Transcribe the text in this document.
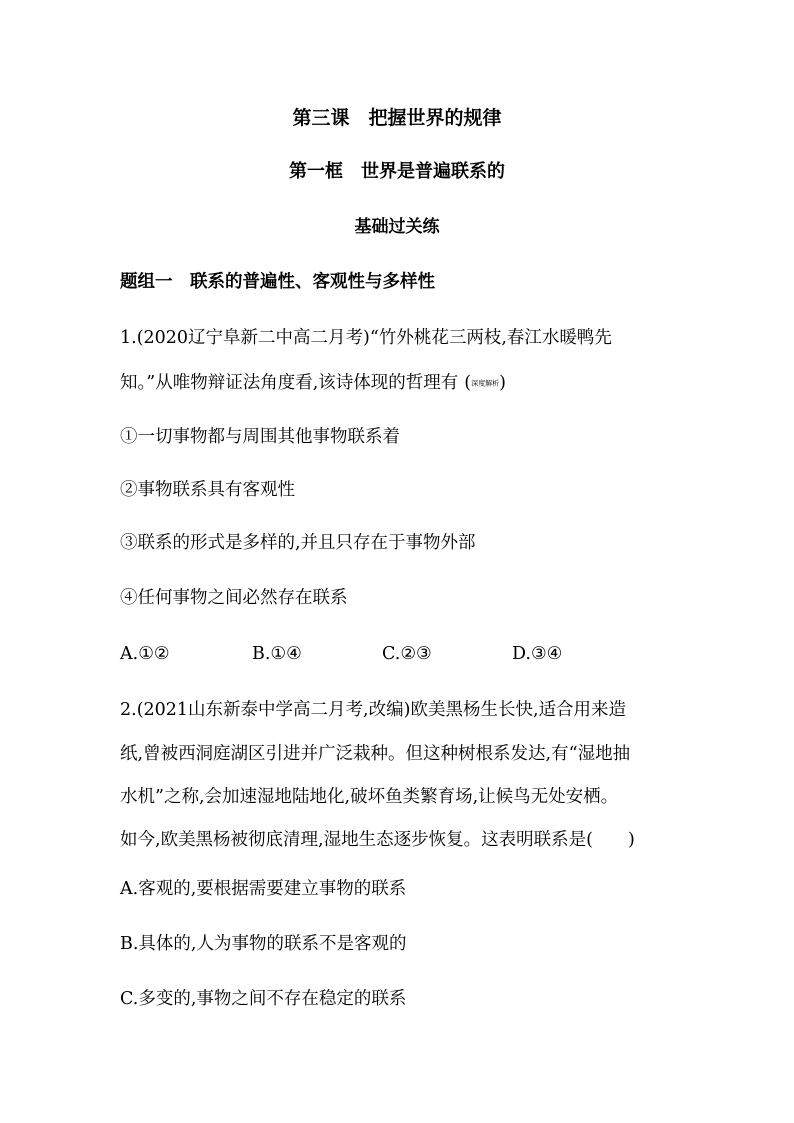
第三课　把握世界的规律
第一框　世界是普遍联系的
基础过关练
题组一　联系的普遍性、客观性与多样性
1.(2020辽宁阜新二中高二月考)“竹外桃花三两枝,春江水暖鸭先
知。”从唯物辩证法角度看,该诗体现的哲理有 (深度解析)
①一切事物都与周围其他事物联系着
②事物联系具有客观性
③联系的形式是多样的,并且只存在于事物外部
④任何事物之间必然存在联系
A.①②	B.①④	C.②③	D.③④
2.(2021山东新泰中学高二月考,改编)欧美黑杨生长快,适合用来造
纸,曾被西洞庭湖区引进并广泛栽种。但这种树根系发达,有“湿地抽
水机”之称,会加速湿地陆地化,破坏鱼类繁育场,让候鸟无处安栖。
如今,欧美黑杨被彻底清理,湿地生态逐步恢复。这表明联系是(　　)
A.客观的,要根据需要建立事物的联系
B.具体的,人为事物的联系不是客观的
C.多变的,事物之间不存在稳定的联系
